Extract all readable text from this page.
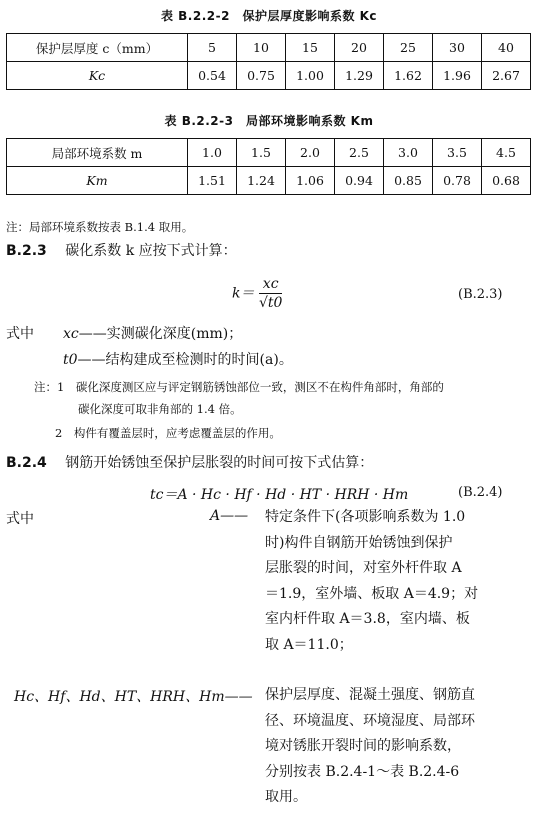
表 B.2.2-2　保护层厚度影响系数 Kc
保护层厚度 c（mm）	5	10	15	20	25	30	40
Kc	0.54	0.75	1.00	1.29	1.62	1.96	2.67
表 B.2.2-3　局部环境影响系数 Km
局部环境系数 m	1.0	1.5	2.0	2.5	3.0	3.5	4.5
Km	1.51	1.24	1.06	0.94	0.85	0.78	0.68
注：局部环境系数按表 B.1.4 取用。
B.2.3 碳化系数 k 应按下式计算：
$k= \frac{xc}{√t0}$	(B.2.3)
式中 xc——实测碳化深度(mm)；
t0——结构建成至检测时的时间(a)。
注：1　碳化深度测区应与评定钢筋锈蚀部位一致，测区不在构件角部时，角部的
碳化深度可取非角部的 1.4 倍。
2　构件有覆盖层时，应考虑覆盖层的作用。
B.2.4 钢筋开始锈蚀至保护层胀裂的时间可按下式估算：
tc＝A · Hc · Hf · Hd · HT · HRH · Hm	(B.2.4)
式中	A—— 特定条件下(各项影响系数为 1.0
时)构件自钢筋开始锈蚀到保护
层胀裂的时间，对室外杆件取 A
＝1.9，室外墙、板取 A＝4.9；对
室内杆件取 A＝3.8，室内墙、板
取 A＝11.0；
Hc、Hf、Hd、HT、HRH、Hm—— 保护层厚度、混凝土强度、钢筋直
径、环境温度、环境湿度、局部环
境对锈胀开裂时间的影响系数，
分别按表 B.2.4-1～表 B.2.4-6
取用。
